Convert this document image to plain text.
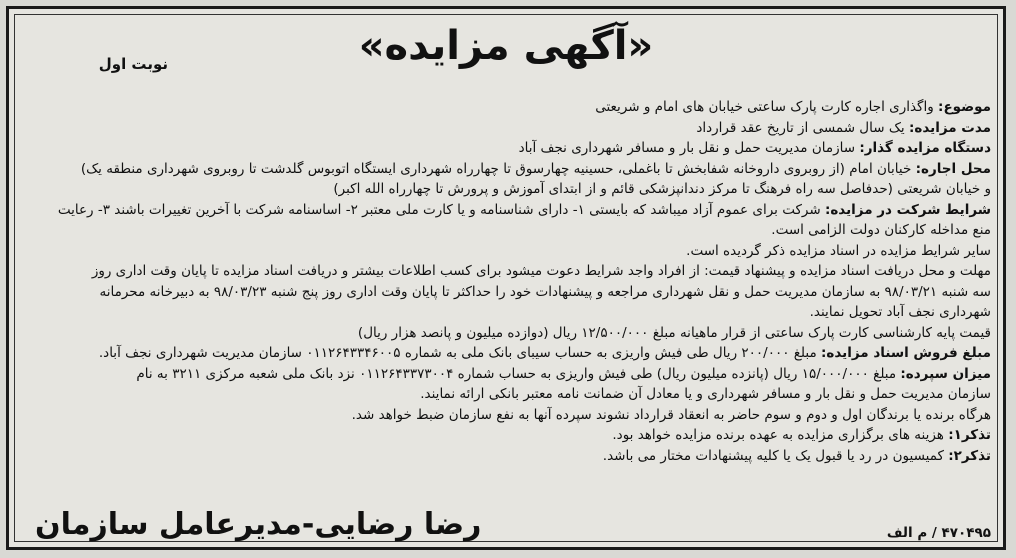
«آگهی مزایده»
نوبت اول

موضوع: واگذاری اجاره کارت پارک ساعتی خیابان های امام و شریعتی

مدت مزایده: یک سال شمسی از تاریخ عقد قرارداد

دستگاه مزایده گذار: سازمان مدیریت حمل و نقل بار و مسافر شهرداری نجف آباد

محل اجاره: خیابان امام (از روبروی داروخانه شفابخش تا باغملی، حسینیه چهارسوق تا چهارراه شهرداری ایستگاه اتوبوس گلدشت تا روبروی شهرداری منطقه یک)

و خیابان شریعتی (حدفاصل سه راه فرهنگ تا مرکز دندانپزشکی قائم و از ابتدای آموزش و پرورش تا چهارراه الله اکبر)

شرایط شرکت در مزایده: شرکت برای عموم آزاد میباشد که بایستی ۱- دارای شناسنامه و یا کارت ملی معتبر ۲- اساسنامه شرکت با آخرین تغییرات باشند ۳- رعایت

منع مداخله کارکنان دولت الزامی است.

سایر شرایط مزایده در اسناد مزایده ذکر گردیده است.

مهلت و محل دریافت اسناد مزایده و پیشنهاد قیمت: از افراد واجد شرایط دعوت میشود برای کسب اطلاعات بیشتر و دریافت اسناد مزایده تا پایان وقت اداری روز

سه شنبه ۹۸/۰۳/۲۱ به سازمان مدیریت حمل و نقل شهرداری مراجعه و پیشنهادات خود را حداکثر تا پایان وقت اداری روز پنج شنبه ۹۸/۰۳/۲۳ به دبیرخانه محرمانه

شهرداری نجف آباد تحویل نمایند.

قیمت پایه کارشناسی کارت پارک ساعتی از قرار ماهیانه مبلغ ۱۲/۵۰۰/۰۰۰ ریال (دوازده میلیون و پانصد هزار ریال)

مبلغ فروش اسناد مزایده: مبلغ ۲۰۰/۰۰۰ ریال طی فیش واریزی به حساب سیبای بانک ملی به شماره ۰۱۱۲۶۴۳۳۴۶۰۰۵ سازمان مدیریت شهرداری نجف آباد.

میزان سپرده: مبلغ ۱۵/۰۰۰/۰۰۰ ریال (پانزده میلیون ریال) طی فیش واریزی به حساب شماره ۰۱۱۲۶۴۳۳۷۳۰۰۴ نزد بانک ملی شعبه مرکزی ۳۲۱۱ به نام

سازمان مدیریت حمل و نقل بار و مسافر شهرداری و یا معادل آن ضمانت نامه معتبر بانکی ارائه نمایند.

هرگاه برنده یا برندگان اول و دوم و سوم حاضر به انعقاد قرارداد نشوند سپرده آنها به نفع سازمان ضبط خواهد شد.

تذکر۱: هزینه های برگزاری مزایده به عهده برنده مزایده خواهد بود.

تذکر۲: کمیسیون در رد یا قبول یک یا کلیه پیشنهادات مختار می باشد.

۴۷۰۴۹۵ / م الف
رضا رضایی-مدیرعامل سازمان
